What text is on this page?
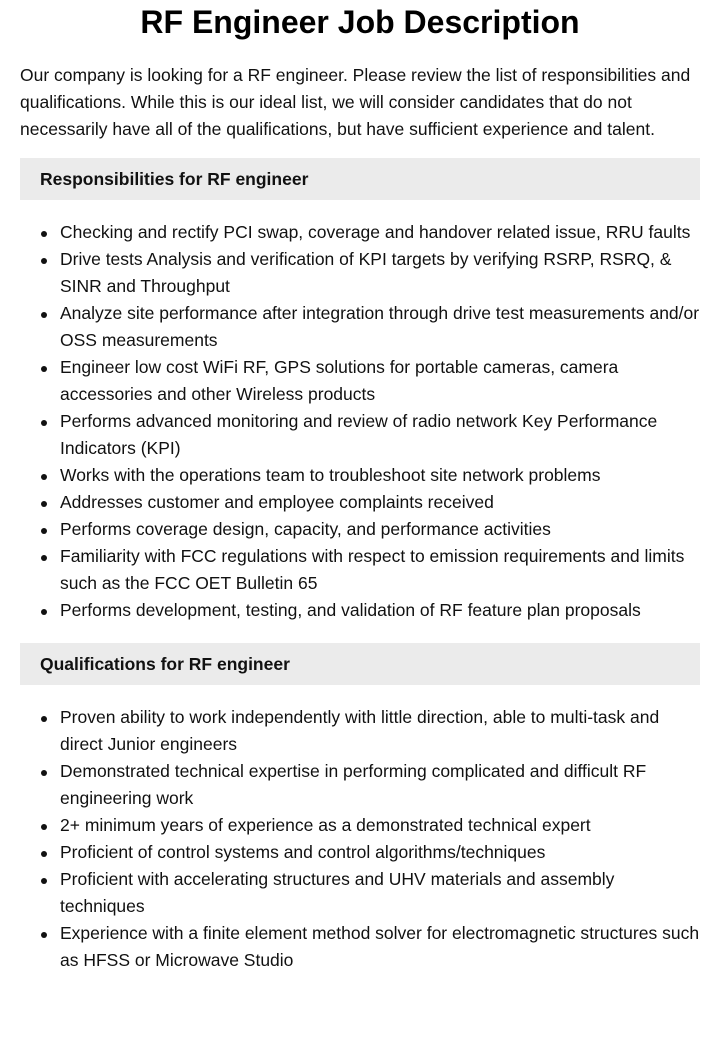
RF Engineer Job Description

Our company is looking for a RF engineer. Please review the list of responsibilities and qualifications. While this is our ideal list, we will consider candidates that do not necessarily have all of the qualifications, but have sufficient experience and talent.

Responsibilities for RF engineer
Checking and rectify PCI swap, coverage and handover related issue, RRU faults
Drive tests Analysis and verification of KPI targets by verifying RSRP, RSRQ, & SINR and Throughput
Analyze site performance after integration through drive test measurements and/or OSS measurements
Engineer low cost WiFi RF, GPS solutions for portable cameras, camera accessories and other Wireless products
Performs advanced monitoring and review of radio network Key Performance Indicators (KPI)
Works with the operations team to troubleshoot site network problems
Addresses customer and employee complaints received
Performs coverage design, capacity, and performance activities
Familiarity with FCC regulations with respect to emission requirements and limits such as the FCC OET Bulletin 65
Performs development, testing, and validation of RF feature plan proposals
Qualifications for RF engineer
Proven ability to work independently with little direction, able to multi-task and direct Junior engineers
Demonstrated technical expertise in performing complicated and difficult RF engineering work
2+ minimum years of experience as a demonstrated technical expert
Proficient of control systems and control algorithms/techniques
Proficient with accelerating structures and UHV materials and assembly techniques
Experience with a finite element method solver for electromagnetic structures such as HFSS or Microwave Studio
